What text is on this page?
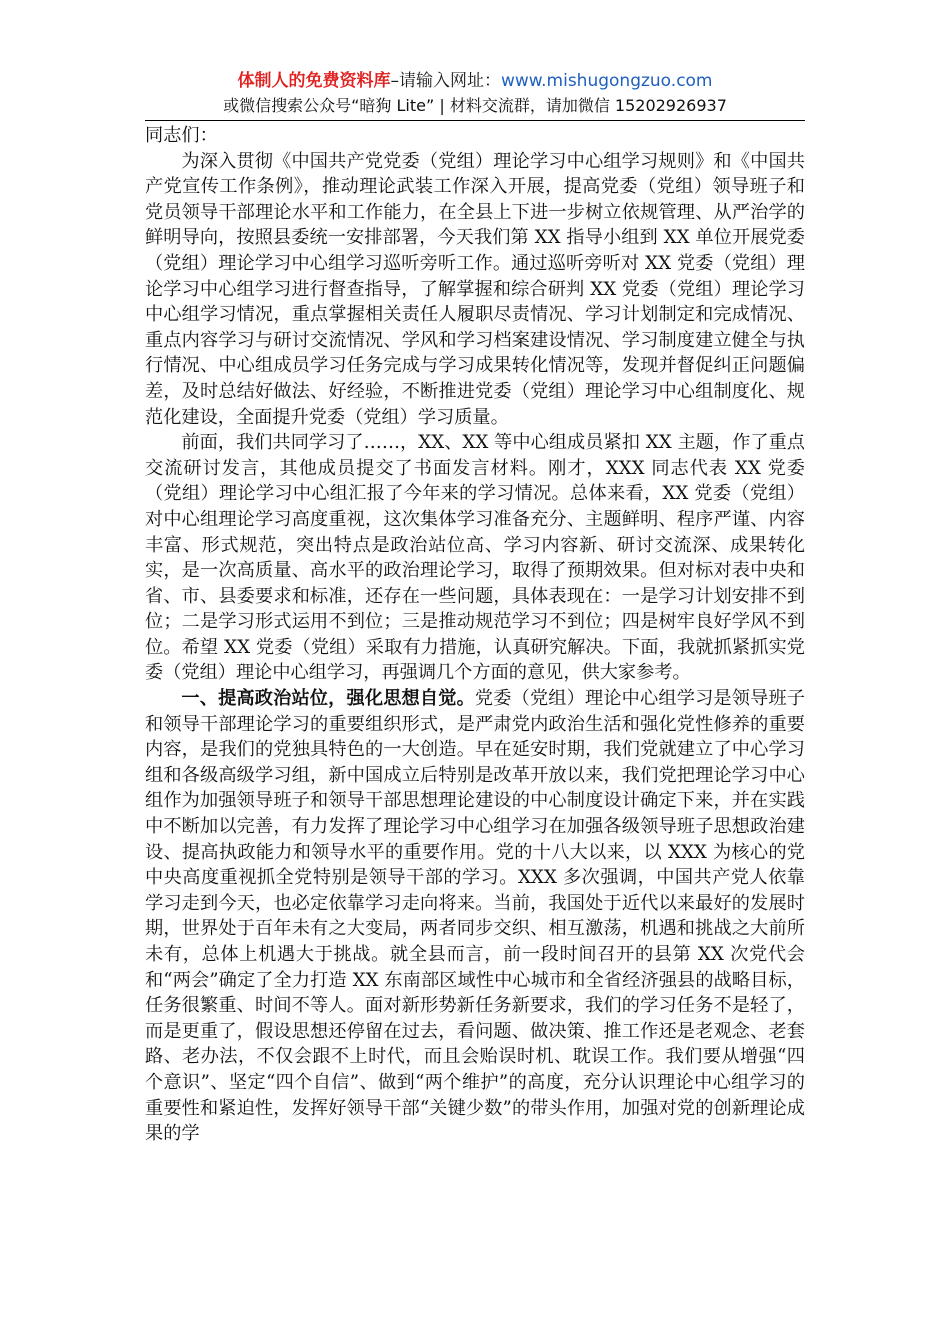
体制人的免费资料库–请输入网址：www.mishugongzuo.com
或微信搜索公众号“暗狗 Lite” | 材料交流群，请加微信 15202926937

同志们：

为深入贯彻《中国共产党党委（党组）理论学习中心组学习规则》和《中国共产党宣传工作条例》，推动理论武装工作深入开展，提高党委（党组）领导班子和党员领导干部理论水平和工作能力，在全县上下进一步树立依规管理、从严治学的鲜明导向，按照县委统一安排部署，今天我们第 XX 指导小组到 XX 单位开展党委（党组）理论学习中心组学习巡听旁听工作。通过巡听旁听对 XX 党委（党组）理论学习中心组学习进行督查指导，了解掌握和综合研判 XX 党委（党组）理论学习中心组学习情况，重点掌握相关责任人履职尽责情况、学习计划制定和完成情况、重点内容学习与研讨交流情况、学风和学习档案建设情况、学习制度建立健全与执行情况、中心组成员学习任务完成与学习成果转化情况等，发现并督促纠正问题偏差，及时总结好做法、好经验，不断推进党委（党组）理论学习中心组制度化、规范化建设，全面提升党委（党组）学习质量。

前面，我们共同学习了……，XX、XX 等中心组成员紧扣 XX 主题，作了重点交流研讨发言，其他成员提交了书面发言材料。刚才，XXX 同志代表 XX 党委（党组）理论学习中心组汇报了今年来的学习情况。总体来看，XX 党委（党组）对中心组理论学习高度重视，这次集体学习准备充分、主题鲜明、程序严谨、内容丰富、形式规范，突出特点是政治站位高、学习内容新、研讨交流深、成果转化实，是一次高质量、高水平的政治理论学习，取得了预期效果。但对标对表中央和省、市、县委要求和标准，还存在一些问题，具体表现在：一是学习计划安排不到位；二是学习形式运用不到位；三是推动规范学习不到位；四是树牢良好学风不到位。希望 XX 党委（党组）采取有力措施，认真研究解决。下面，我就抓紧抓实党委（党组）理论中心组学习，再强调几个方面的意见，供大家参考。

一、提高政治站位，强化思想自觉。党委（党组）理论中心组学习是领导班子和领导干部理论学习的重要组织形式，是严肃党内政治生活和强化党性修养的重要内容，是我们的党独具特色的一大创造。早在延安时期，我们党就建立了中心学习组和各级高级学习组，新中国成立后特别是改革开放以来，我们党把理论学习中心组作为加强领导班子和领导干部思想理论建设的中心制度设计确定下来，并在实践中不断加以完善，有力发挥了理论学习中心组学习在加强各级领导班子思想政治建设、提高执政能力和领导水平的重要作用。党的十八大以来，以 XXX 为核心的党中央高度重视抓全党特别是领导干部的学习。XXX 多次强调，中国共产党人依靠学习走到今天，也必定依靠学习走向将来。当前，我国处于近代以来最好的发展时期，世界处于百年未有之大变局，两者同步交织、相互激荡，机遇和挑战之大前所未有，总体上机遇大于挑战。就全县而言，前一段时间召开的县第 XX 次党代会和“两会”确定了全力打造 XX 东南部区域性中心城市和全省经济强县的战略目标，任务很繁重、时间不等人。面对新形势新任务新要求，我们的学习任务不是轻了，而是更重了，假设思想还停留在过去，看问题、做决策、推工作还是老观念、老套路、老办法，不仅会跟不上时代，而且会贻误时机、耽误工作。我们要从增强“四个意识”、坚定“四个自信”、做到“两个维护”的高度，充分认识理论中心组学习的重要性和紧迫性，发挥好领导干部“关键少数”的带头作用，加强对党的创新理论成果的学
